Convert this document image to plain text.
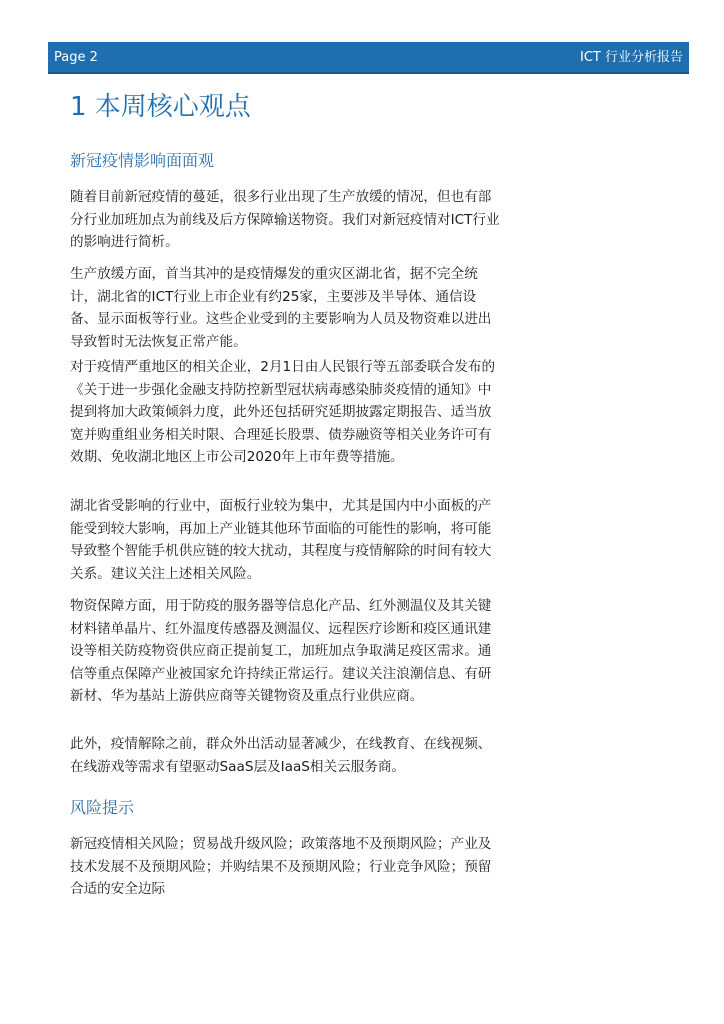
Page 2	ICT 行业分析报告
1 本周核心观点
新冠疫情影响面面观

随着目前新冠疫情的蔓延，很多行业出现了生产放缓的情况，但也有部分行业加班加点为前线及后方保障输送物资。我们对新冠疫情对ICT行业的影响进行简析。

生产放缓方面，首当其冲的是疫情爆发的重灾区湖北省，据不完全统计，湖北省的ICT行业上市企业有约25家，主要涉及半导体、通信设备、显示面板等行业。这些企业受到的主要影响为人员及物资难以进出导致暂时无法恢复正常产能。

对于疫情严重地区的相关企业，2月1日由人民银行等五部委联合发布的《关于进一步强化金融支持防控新型冠状病毒感染肺炎疫情的通知》中提到将加大政策倾斜力度，此外还包括研究延期披露定期报告、适当放宽并购重组业务相关时限、合理延长股票、债券融资等相关业务许可有效期、免收湖北地区上市公司2020年上市年费等措施。

湖北省受影响的行业中，面板行业较为集中，尤其是国内中小面板的产能受到较大影响，再加上产业链其他环节面临的可能性的影响，将可能导致整个智能手机供应链的较大扰动，其程度与疫情解除的时间有较大关系。建议关注上述相关风险。

物资保障方面，用于防疫的服务器等信息化产品、红外测温仪及其关键材料锗单晶片、红外温度传感器及测温仪、远程医疗诊断和疫区通讯建设等相关防疫物资供应商正提前复工，加班加点争取满足疫区需求。通信等重点保障产业被国家允许持续正常运行。建议关注浪潮信息、有研新材、华为基站上游供应商等关键物资及重点行业供应商。

此外，疫情解除之前，群众外出活动显著减少，在线教育、在线视频、在线游戏等需求有望驱动SaaS层及IaaS相关云服务商。

风险提示

新冠疫情相关风险；贸易战升级风险；政策落地不及预期风险；产业及技术发展不及预期风险；并购结果不及预期风险；行业竞争风险；预留合适的安全边际
